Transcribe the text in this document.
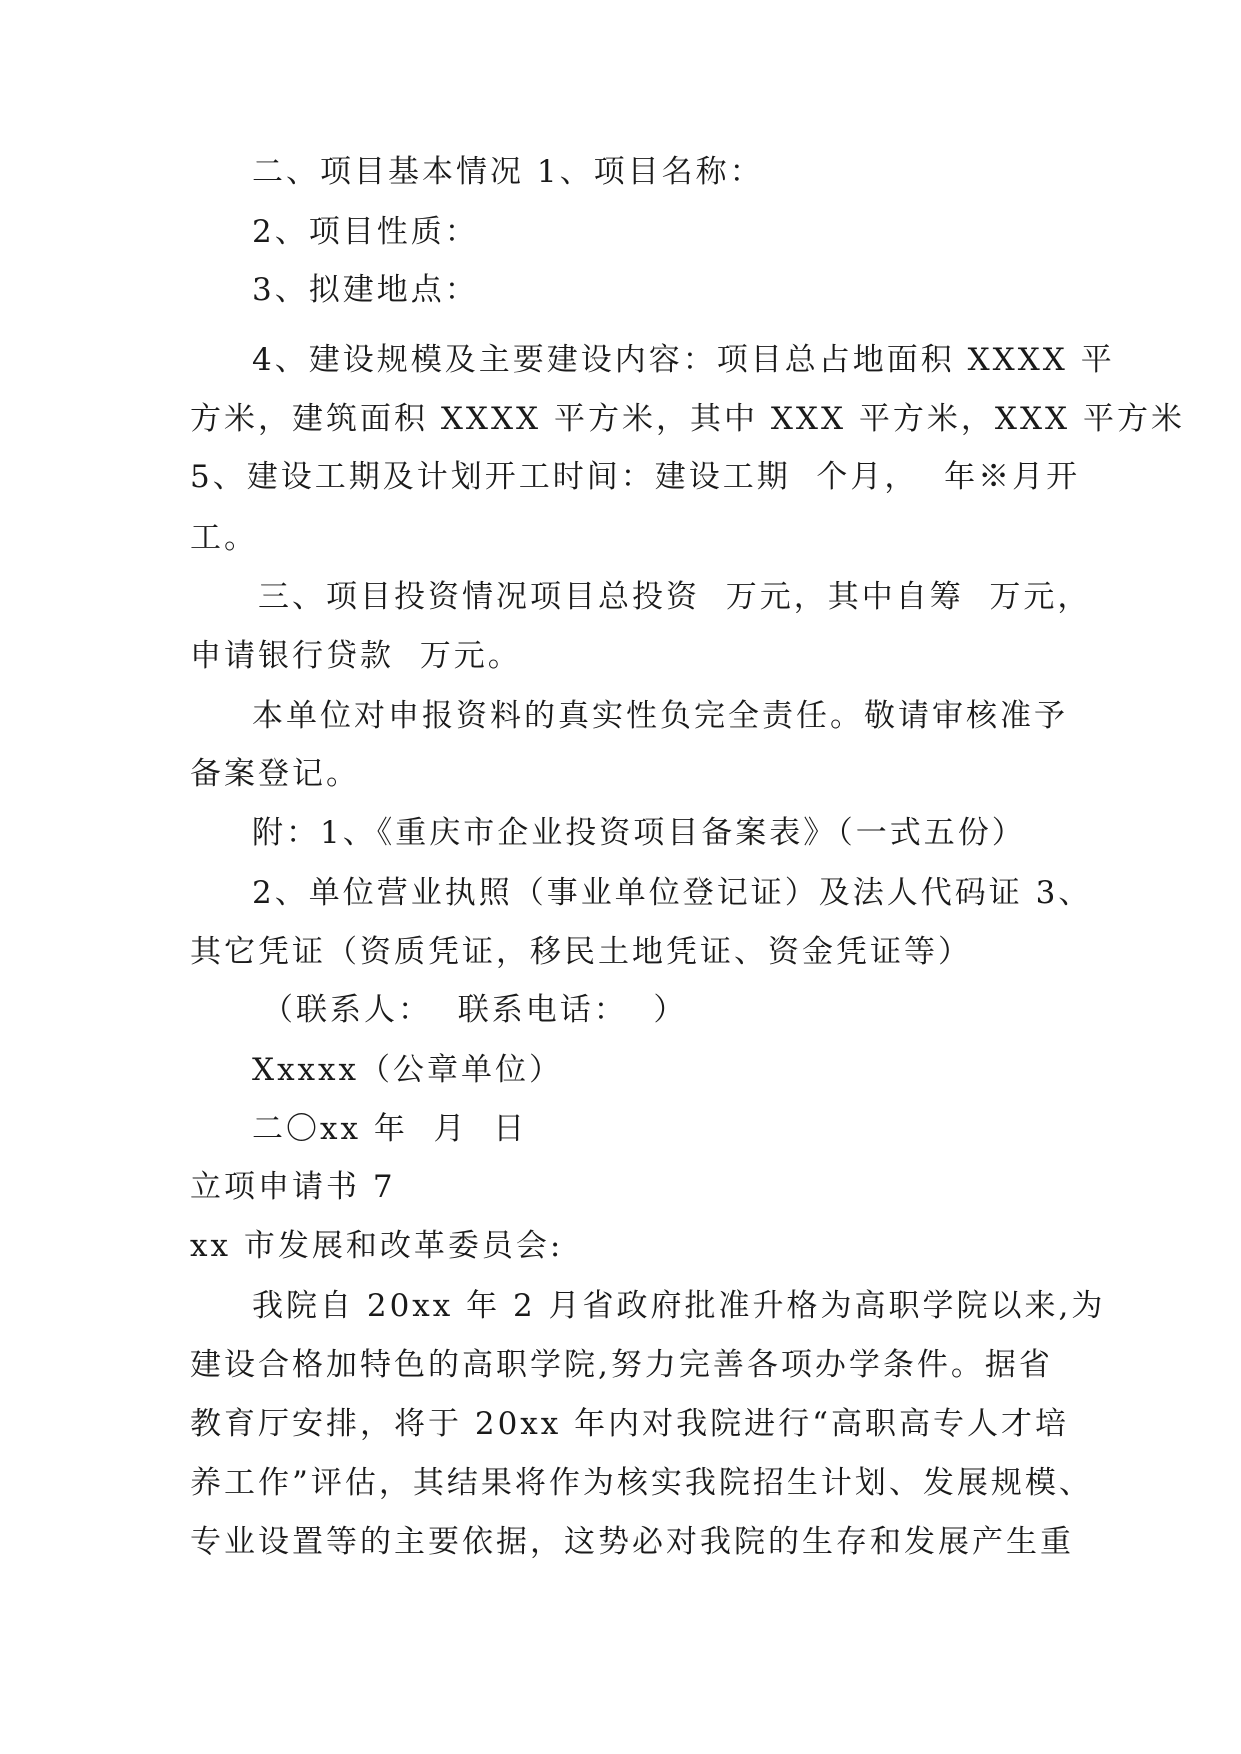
二、项目基本情况 1、项目名称：
2、项目性质：
3、拟建地点：
4、建设规模及主要建设内容：项目总占地面积 XXXX 平
方米，建筑面积 XXXX 平方米，其中 XXX 平方米，XXX 平方米
5、建设工期及计划开工时间：建设工期  个月，  年※月开
工。
三、项目投资情况项目总投资  万元，其中自筹  万元，
申请银行贷款  万元。
本单位对申报资料的真实性负完全责任。敬请审核准予
备案登记。
附：1、《重庆市企业投资项目备案表》（一式五份）
2、单位营业执照（事业单位登记证）及法人代码证 3、
其它凭证（资质凭证，移民土地凭证、资金凭证等）
（联系人：  联系电话：  ）
Xxxxx（公章单位）
二〇xx 年  月  日
立项申请书 7
xx 市发展和改革委员会:
我院自 20xx 年 2 月省政府批准升格为高职学院以来,为
建设合格加特色的高职学院,努力完善各项办学条件。据省
教育厅安排，将于 20xx 年内对我院进行“高职高专人才培
养工作”评估，其结果将作为核实我院招生计划、发展规模、
专业设置等的主要依据，这势必对我院的生存和发展产生重
